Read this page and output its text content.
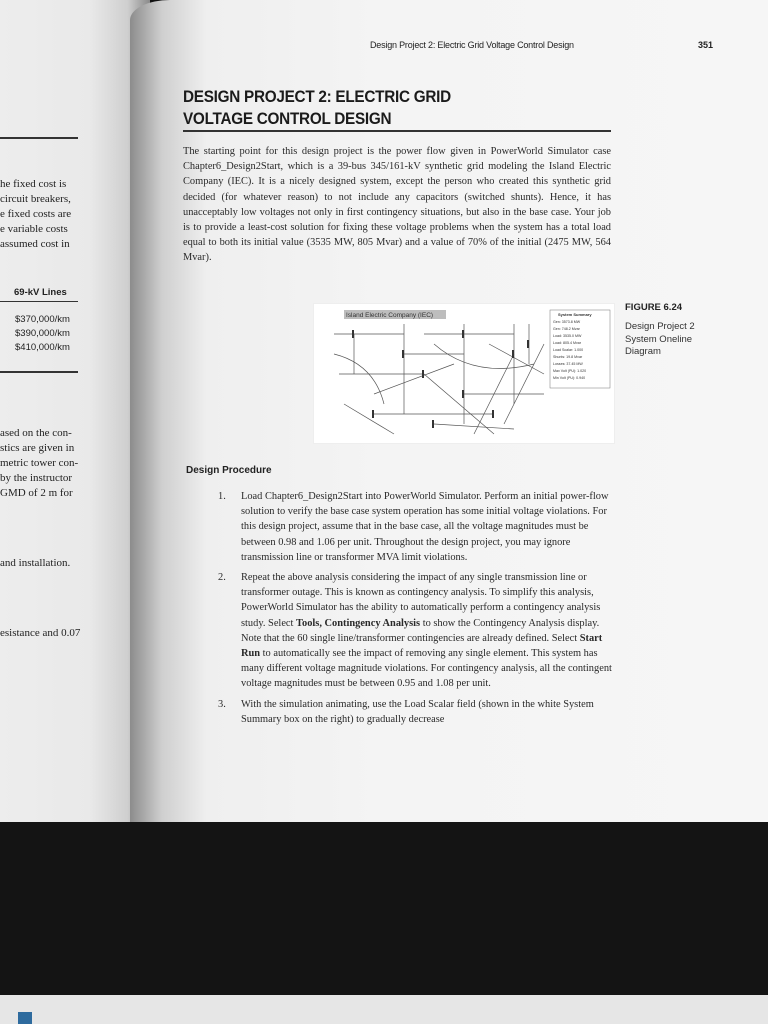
he fixed cost is
circuit breakers,
e fixed costs are
e variable costs
assumed cost in
69-kV Lines
$370,000/km
$390,000/km
$410,000/km
ased on the con-
stics are given in
metric tower con-
by the instructor
GMD of 2 m for
and installation.
esistance and 0.07
Design Project 2: Electric Grid Voltage Control Design	351
DESIGN PROJECT 2: ELECTRIC GRID
VOLTAGE CONTROL DESIGN
The starting point for this design project is the power flow given in PowerWorld Simulator case Chapter6_Design2Start, which is a 39-bus 345/161-kV synthetic grid modeling the Island Electric Company (IEC). It is a nicely designed system, except the person who created this synthetic grid decided (for whatever reason) to not include any capacitors (switched shunts). Hence, it has unacceptably low voltages not only in first contingency situations, but also in the base case. Your job is to provide a least-cost solution for fixing these voltage problems when the system has a total load equal to both its initial value (3535 MW, 805 Mvar) and a value of 70% of the initial (2475 MW, 564 Mvar).
Island Electric Company (IEC)	System Summary
Gen: 3573.8 MW
Gen: 748.2 Mvar
Load: 3535.0 MW
Load: 805.4 Mvar
Load Scalar: 1.000
Shunts: 19.8 Mvar
Losses: 37.45 MW
Max Volt (PU): 1.020
Min Volt (PU): 0.940
FIGURE 6.24
Design Project 2 System Oneline Diagram
Design Procedure
1. Load Chapter6_Design2Start into PowerWorld Simulator. Perform an initial power-flow solution to verify the base case system operation has some initial voltage violations. For this design project, assume that in the base case, all the voltage magnitudes must be between 0.98 and 1.06 per unit. Throughout the design project, you may ignore transmission line or transformer MVA limit violations.
2. Repeat the above analysis considering the impact of any single transmission line or transformer outage. This is known as contingency analysis. To simplify this analysis, PowerWorld Simulator has the ability to automatically perform a contingency analysis study. Select Tools, Contingency Analysis to show the Contingency Analysis display. Note that the 60 single line/transformer contingencies are already defined. Select Start Run to automatically see the impact of removing any single element. This system has many different voltage magnitude violations. For contingency analysis, all the contingent voltage magnitudes must be between 0.95 and 1.08 per unit.
3. With the simulation animating, use the Load Scalar field (shown in the white System Summary box on the right) to gradually decrease
